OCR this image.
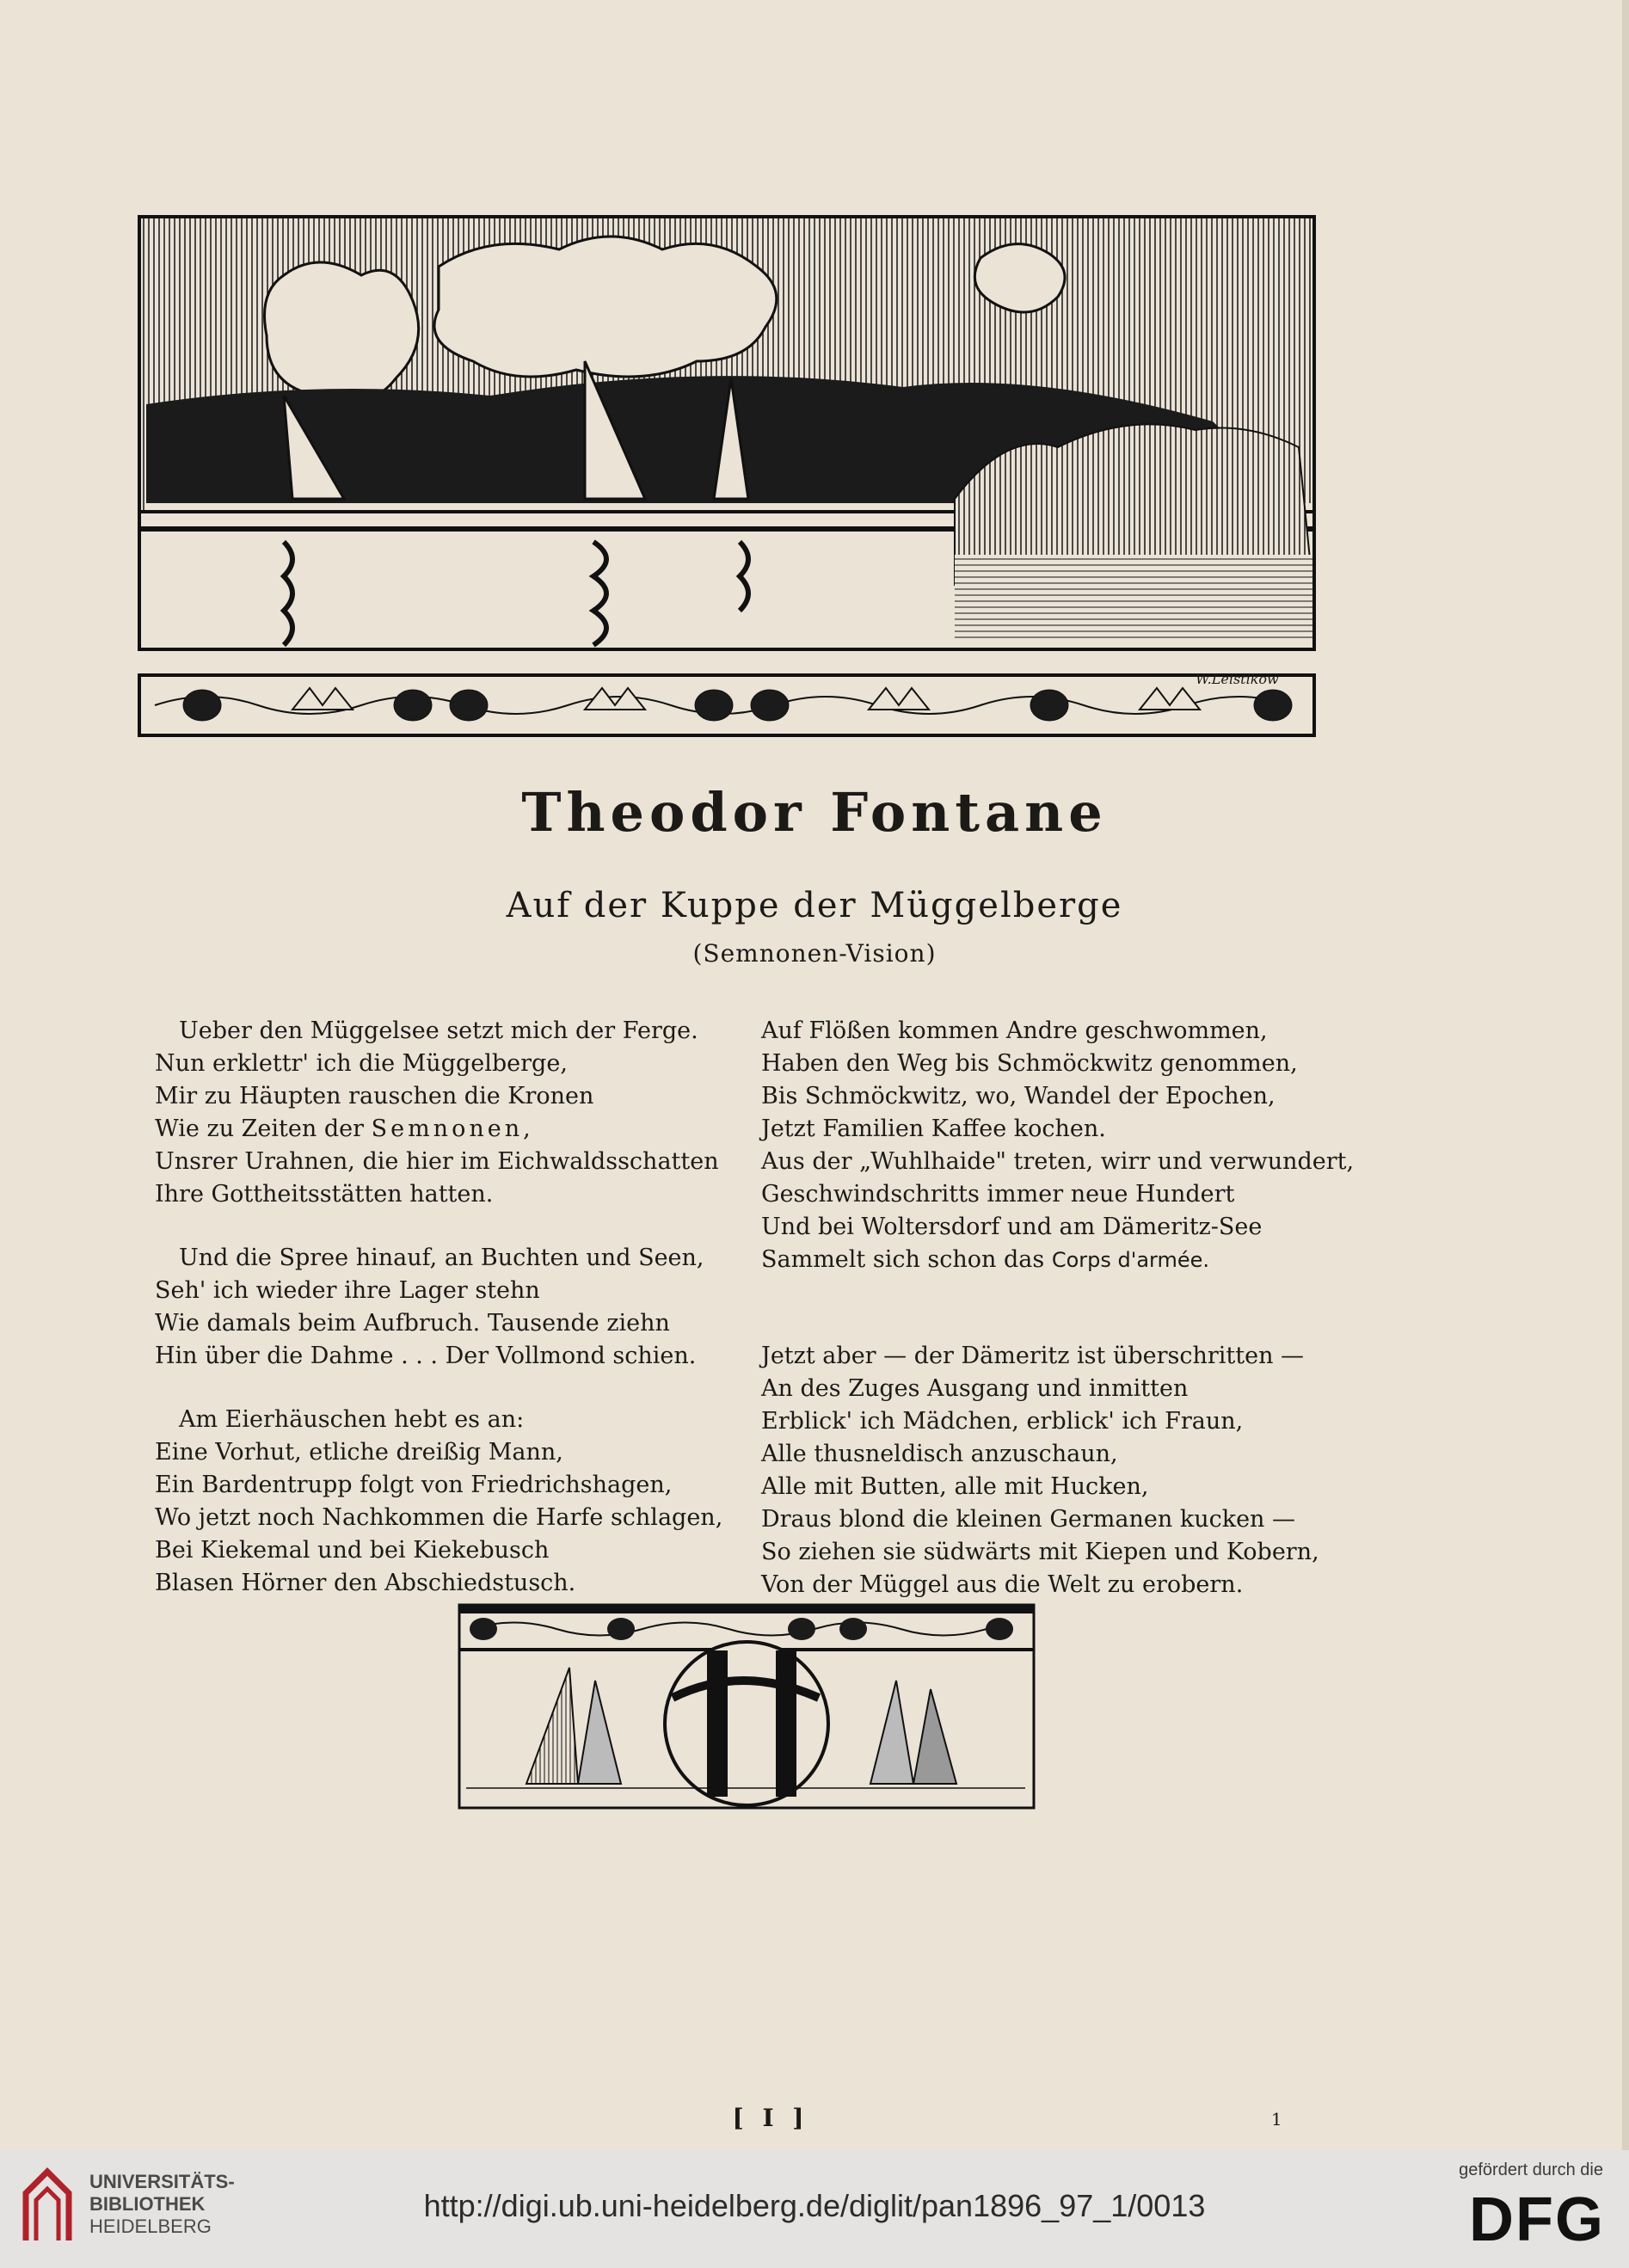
W.Leistikow
Theodor Fontane
Auf der Kuppe der Müggelberge
(Semnonen-Vision)
Ueber den Müggelsee setzt mich der Ferge.
Nun erklettr' ich die Müggelberge,
Mir zu Häupten rauschen die Kronen
Wie zu Zeiten der Semnonen,
Unsrer Urahnen, die hier im Eichwaldsschatten
Ihre Gottheitsstätten hatten.
Und die Spree hinauf, an Buchten und Seen,
Seh' ich wieder ihre Lager stehn
Wie damals beim Aufbruch. Tausende ziehn
Hin über die Dahme . . . Der Vollmond schien.
Am Eierhäuschen hebt es an:
Eine Vorhut, etliche dreißig Mann,
Ein Bardentrupp folgt von Friedrichshagen,
Wo jetzt noch Nachkommen die Harfe schlagen,
Bei Kiekemal und bei Kiekebusch
Blasen Hörner den Abschiedstusch.
Auf Flößen kommen Andre geschwommen,
Haben den Weg bis Schmöckwitz genommen,
Bis Schmöckwitz, wo, Wandel der Epochen,
Jetzt Familien Kaffee kochen.
Aus der „Wuhlhaide" treten, wirr und verwundert,
Geschwindschritts immer neue Hundert
Und bei Woltersdorf und am Dämeritz-See
Sammelt sich schon das Corps d'armée.
Jetzt aber — der Dämeritz ist überschritten —
An des Zuges Ausgang und inmitten
Erblick' ich Mädchen, erblick' ich Fraun,
Alle thusneldisch anzuschaun,
Alle mit Butten, alle mit Hucken,
Draus blond die kleinen Germanen kucken —
So ziehen sie südwärts mit Kiepen und Kobern,
Von der Müggel aus die Welt zu erobern.
[ I ]	1
UNIVERSITÄTS-
BIBLIOTHEK
HEIDELBERG
http://digi.ub.uni-heidelberg.de/diglit/pan1896_97_1/0013
gefördert durch die
DFG
